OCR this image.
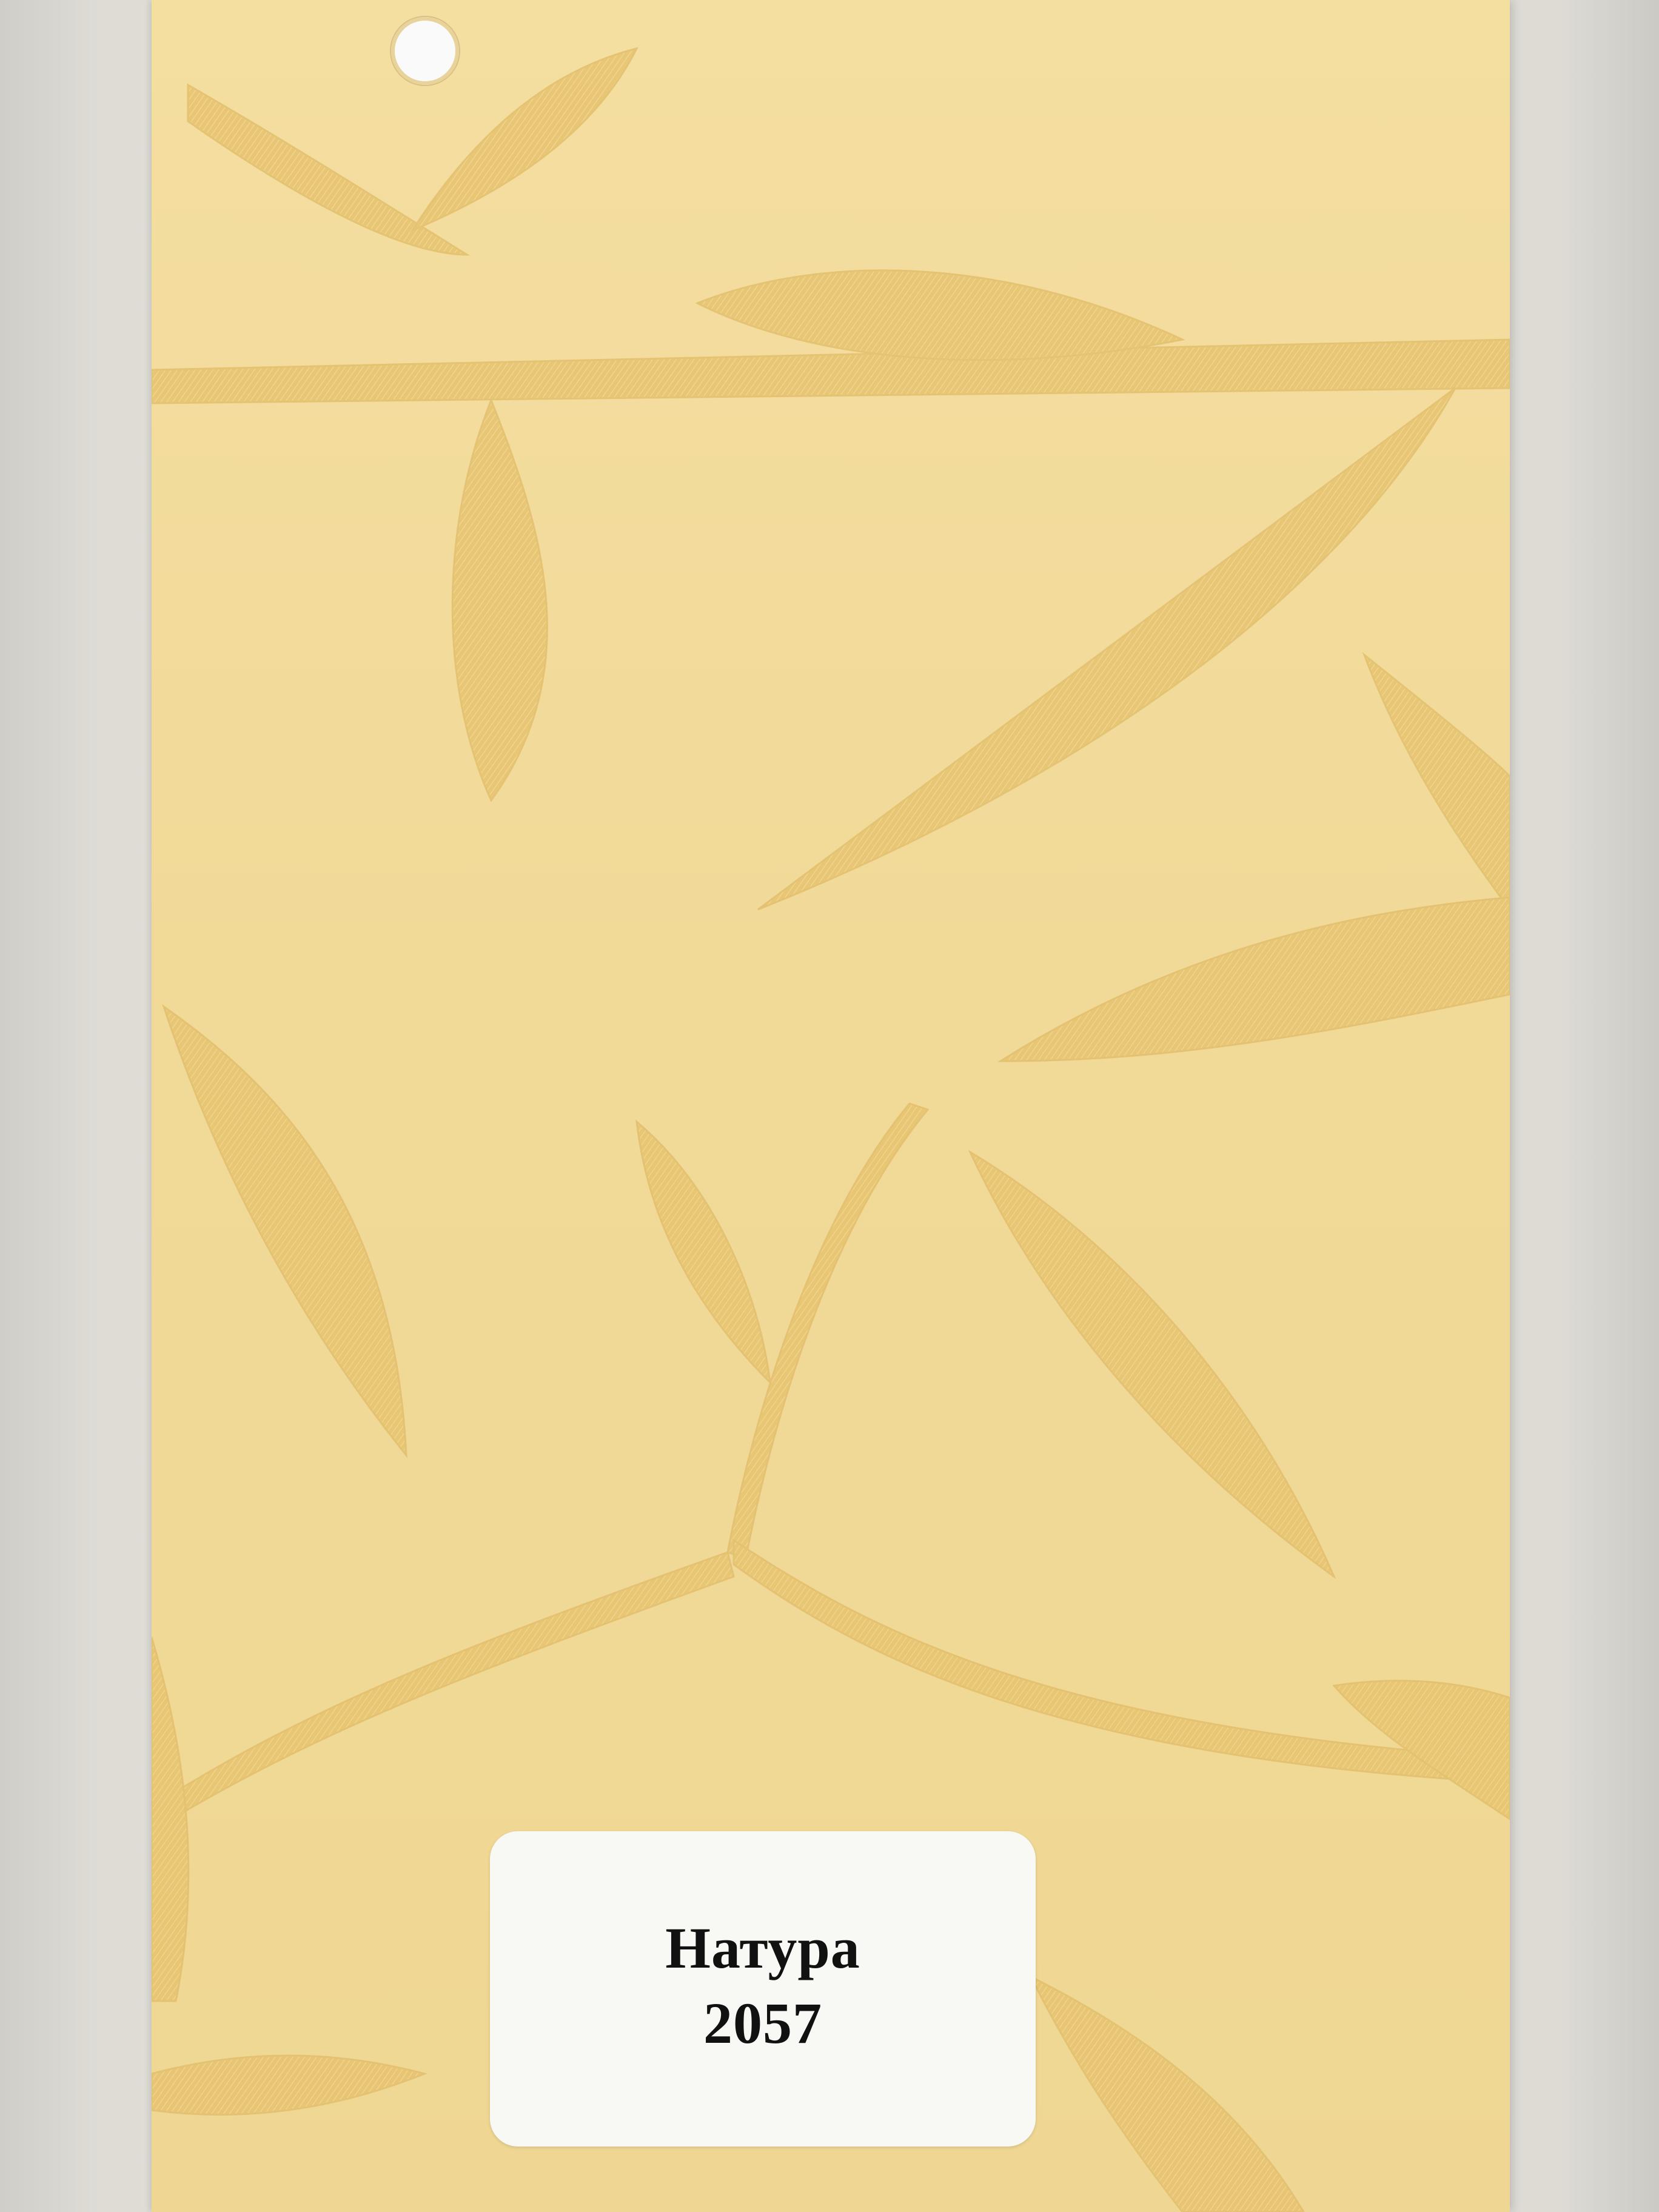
Натура
2057
